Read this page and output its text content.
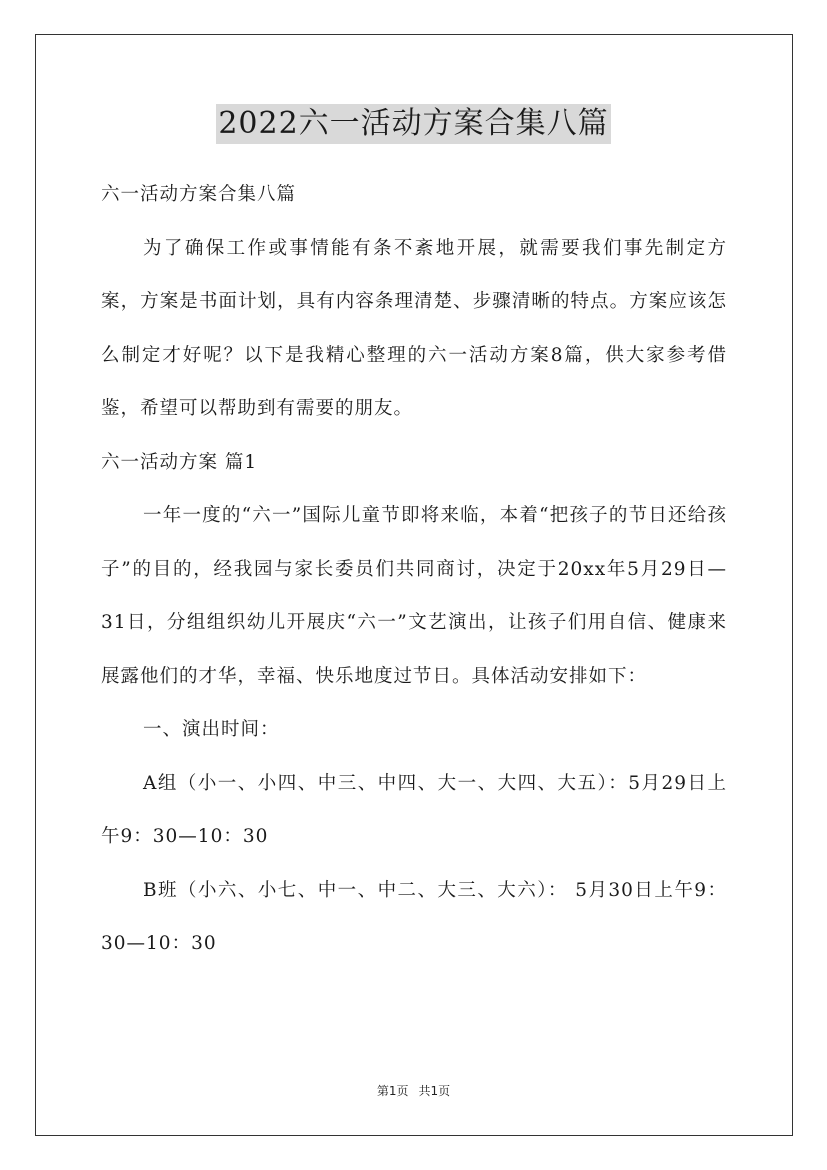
2022六一活动方案合集八篇

六一活动方案合集八篇

为了确保工作或事情能有条不紊地开展，就需要我们事先制定方案，方案是书面计划，具有内容条理清楚、步骤清晰的特点。方案应该怎么制定才好呢？以下是我精心整理的六一活动方案8篇，供大家参考借鉴，希望可以帮助到有需要的朋友。

六一活动方案 篇1

一年一度的“六一”国际儿童节即将来临，本着“把孩子的节日还给孩子”的目的，经我园与家长委员们共同商讨，决定于20xx年5月29日—31日，分组组织幼儿开展庆“六一”文艺演出，让孩子们用自信、健康来展露他们的才华，幸福、快乐地度过节日。具体活动安排如下：

一、演出时间：

A组（小一、小四、中三、中四、大一、大四、大五）：5月29日上午9：30—10：30

B班（小六、小七、中一、中二、大三、大六）： 5月30日上午9：30—10：30

第1页 共1页
